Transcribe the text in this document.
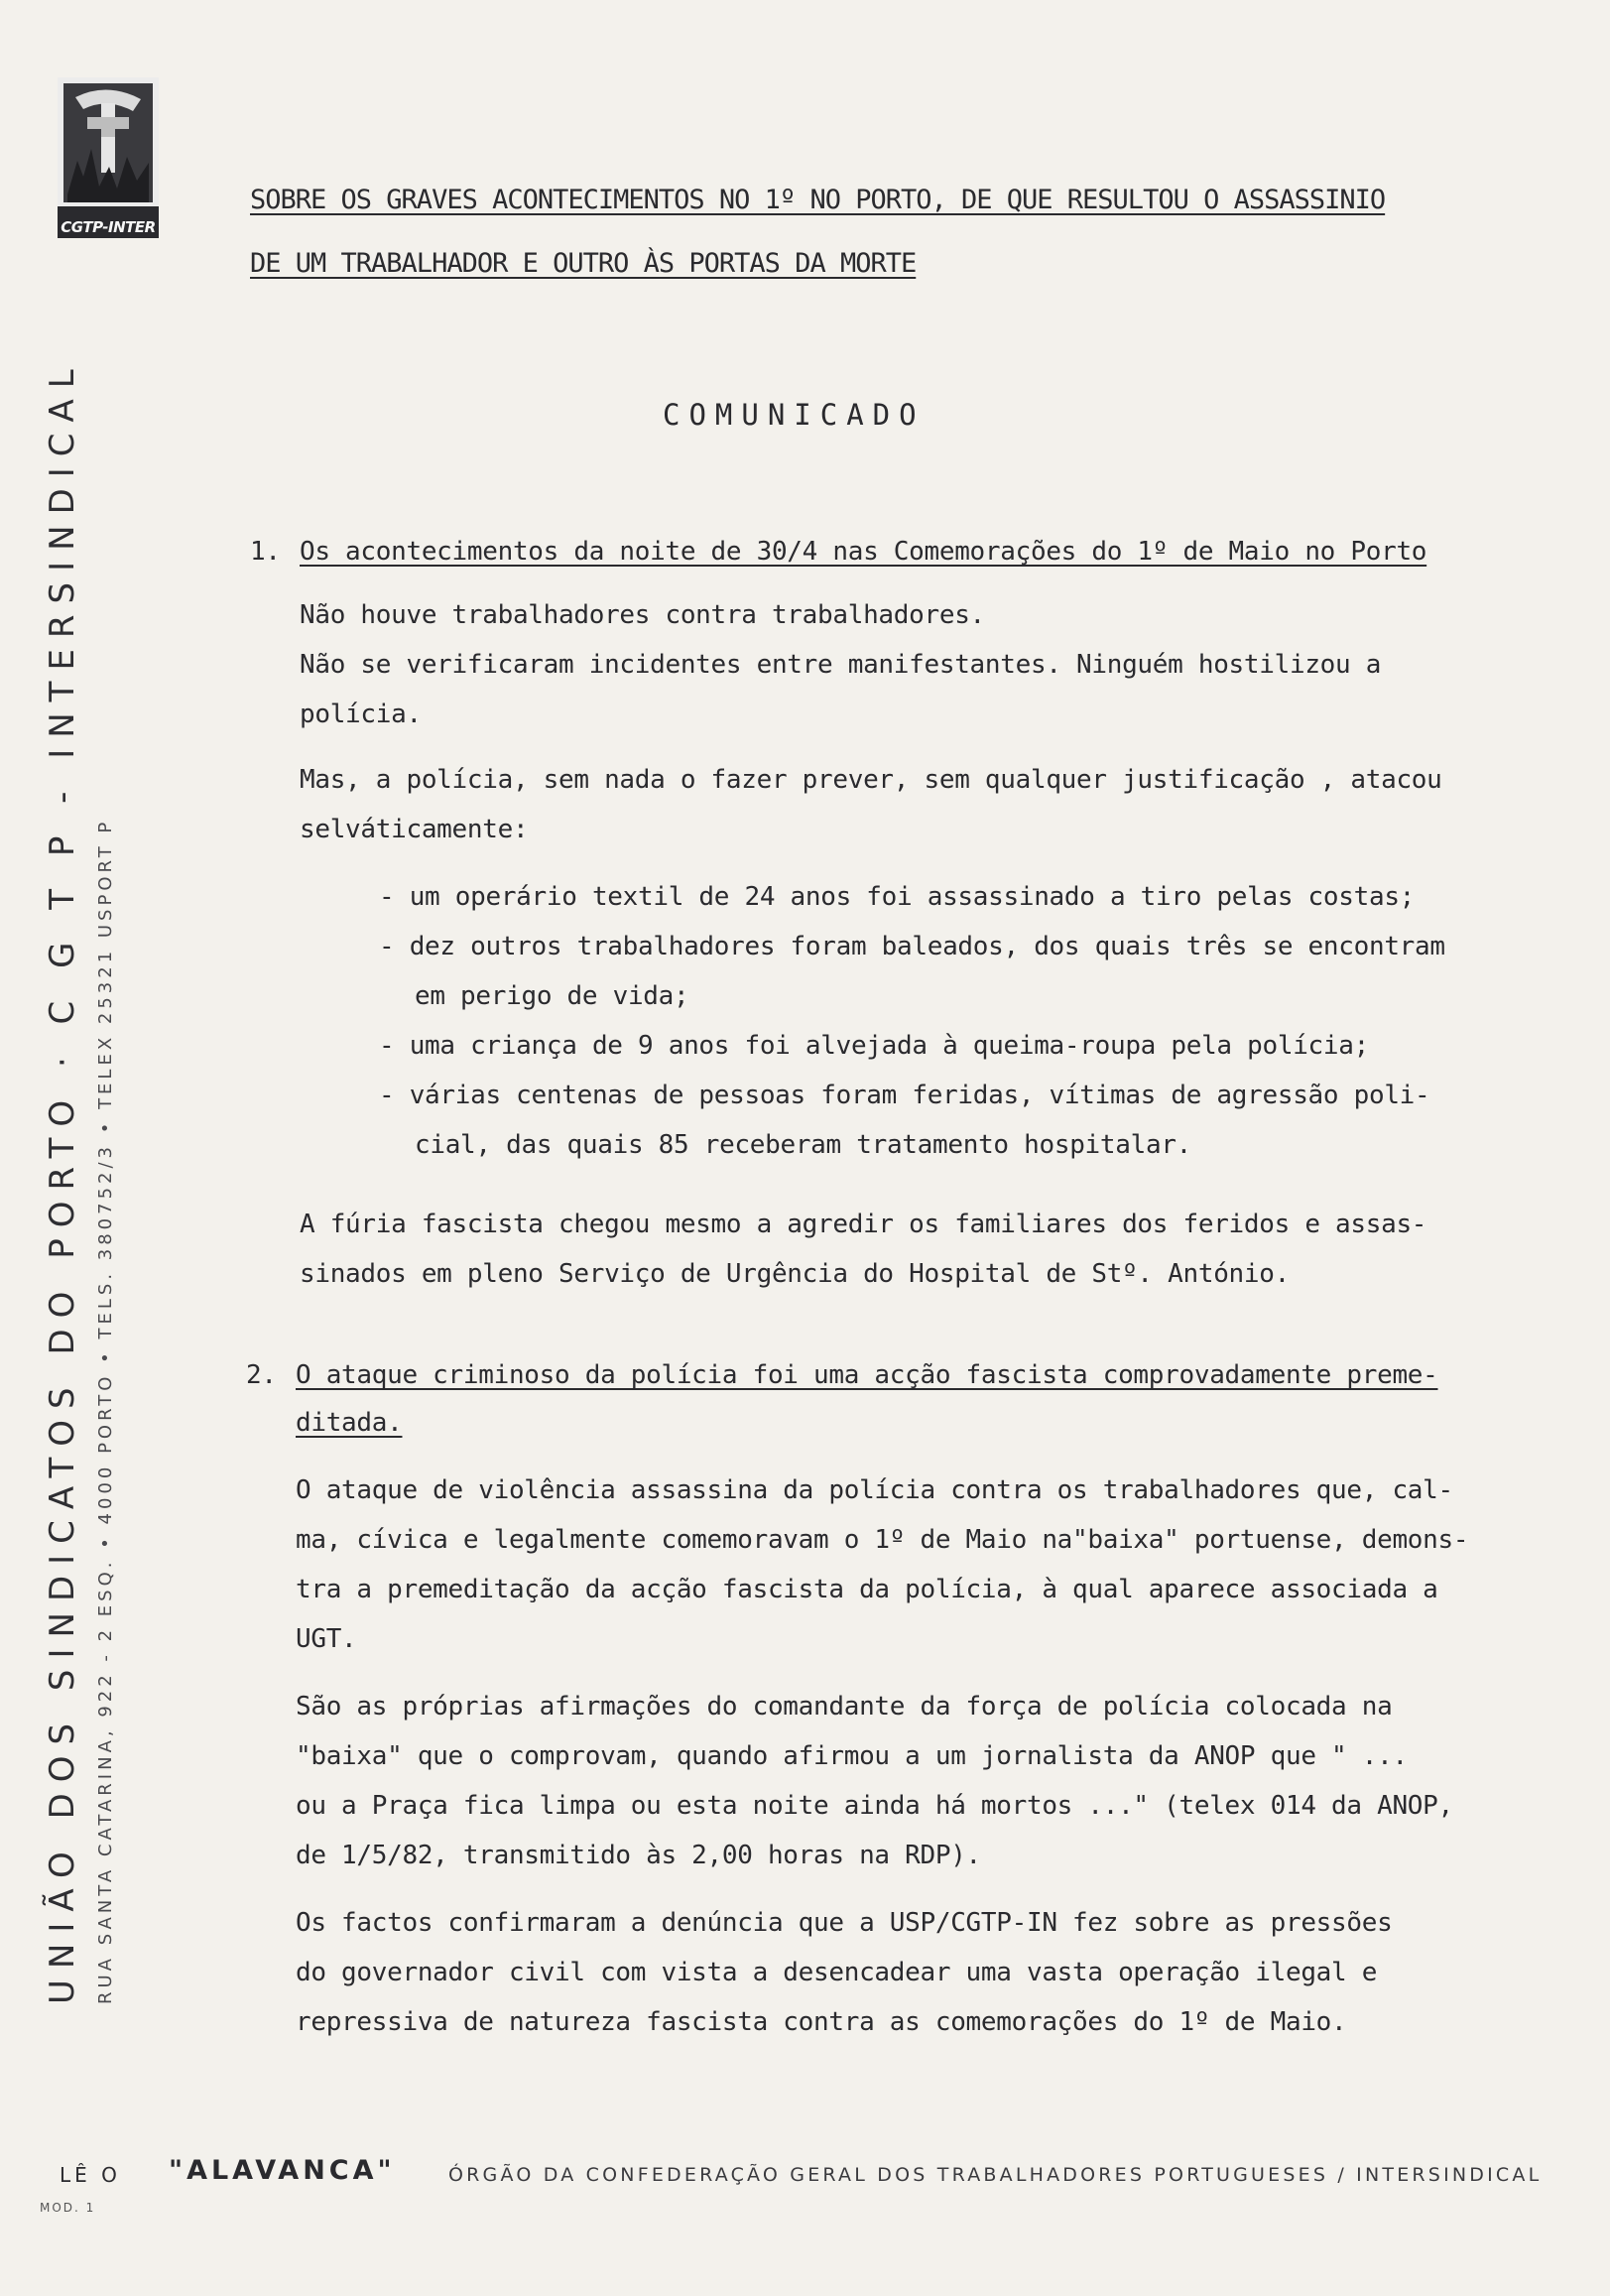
CGTP-INTER
UNIÃO DOS SINDICATOS DO PORTO · C G T P - INTERSINDICAL RUA SANTA CATARINA, 922 - 2 ESQ. • 4000 PORTO • TELS. 380752/3 • TELEX 25321 USPORT P
SOBRE OS GRAVES ACONTECIMENTOS NO 1º NO PORTO, DE QUE RESULTOU O ASSASSINIO
DE UM TRABALHADOR E OUTRO ÀS PORTAS DA MORTE
COMUNICADO
1. Os acontecimentos da noite de 30/4 nas Comemorações do 1º de Maio no Porto
Não houve trabalhadores contra trabalhadores.
Não se verificaram incidentes entre manifestantes. Ninguém hostilizou a
polícia.
Mas, a polícia, sem nada o fazer prever, sem qualquer justificação , atacou
selváticamente:
- um operário textil de 24 anos foi assassinado a tiro pelas costas;
- dez outros trabalhadores foram baleados, dos quais três se encontram
em perigo de vida;
- uma criança de 9 anos foi alvejada à queima-roupa pela polícia;
- várias centenas de pessoas foram feridas, vítimas de agressão poli-
cial, das quais 85 receberam tratamento hospitalar.
A fúria fascista chegou mesmo a agredir os familiares dos feridos e assas-
sinados em pleno Serviço de Urgência do Hospital de Stº. António.
2. O ataque criminoso da polícia foi uma acção fascista comprovadamente preme-
ditada.
O ataque de violência assassina da polícia contra os trabalhadores que, cal-
ma, cívica e legalmente comemoravam o 1º de Maio na"baixa" portuense, demons-
tra a premeditação da acção fascista da polícia, à qual aparece associada a
UGT.
São as próprias afirmações do comandante da força de polícia colocada na
"baixa" que o comprovam, quando afirmou a um jornalista da ANOP que " ...
ou a Praça fica limpa ou esta noite ainda há mortos ..." (telex 014 da ANOP,
de 1/5/82, transmitido às 2,00 horas na RDP).
Os factos confirmaram a denúncia que a USP/CGTP-IN fez sobre as pressões
do governador civil com vista a desencadear uma vasta operação ilegal e
repressiva de natureza fascista contra as comemorações do 1º de Maio.
LÊ O "ALAVANCA"	ÓRGÃO DA CONFEDERAÇÃO GERAL DOS TRABALHADORES PORTUGUESES / INTERSINDICAL
MOD. 1
